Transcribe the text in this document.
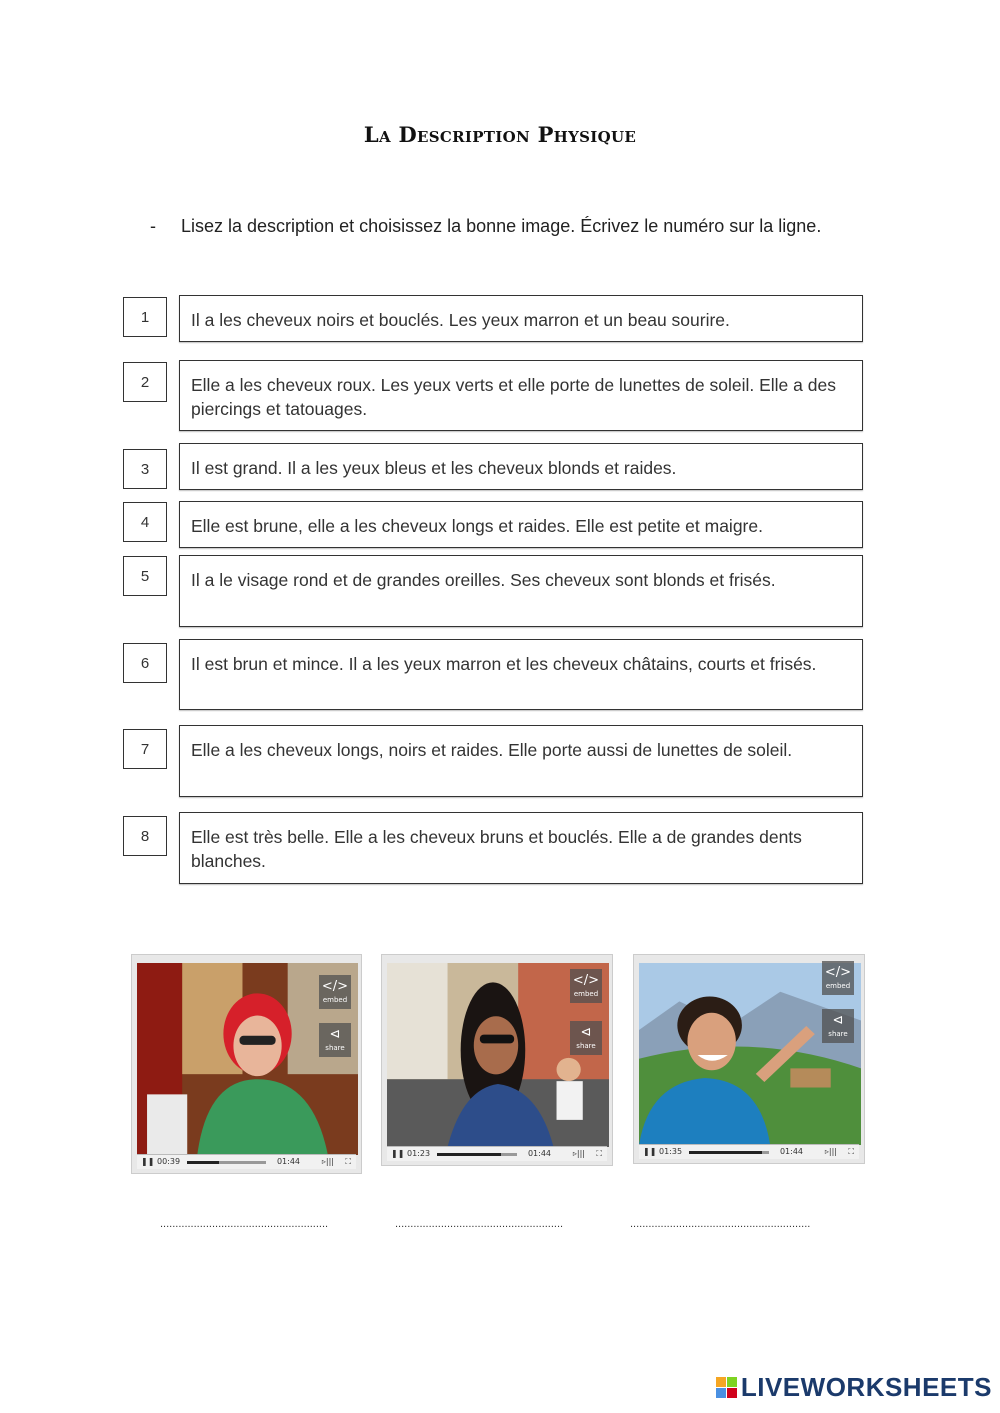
La Description Physique
- Lisez la description et choisissez la bonne image. Écrivez le numéro sur la ligne.
1	Il a les cheveux noirs et bouclés. Les yeux marron et un beau sourire.
2	Elle a les cheveux roux. Les yeux verts et elle porte de lunettes de soleil. Elle a des piercings et tatouages.
3	Il est grand. Il a les yeux bleus et les cheveux blonds et raides.
4	Elle est brune, elle a les cheveux longs et raides. Elle est petite et maigre.
5	Il a le visage rond et de grandes oreilles. Ses cheveux sont blonds et frisés.
6	Il est brun et mince. Il a les yeux marron et les cheveux châtains, courts et frisés.
7	Elle a les cheveux longs, noirs et raides. Elle porte aussi de lunettes de soleil.
8	Elle est très belle. Elle a les cheveux bruns et bouclés. Elle a de grandes dents blanches.
</>
embed
⊲
share
❚❚ 00:39	01:44	▹||| ⛶
</>
embed
⊲
share
❚❚ 01:23	01:44	▹||| ⛶
</>
embed
⊲
share
❚❚ 01:35	01:44	▹||| ⛶
.......................................................	.......................................................	...........................................................
LIVEWORKSHEETS
